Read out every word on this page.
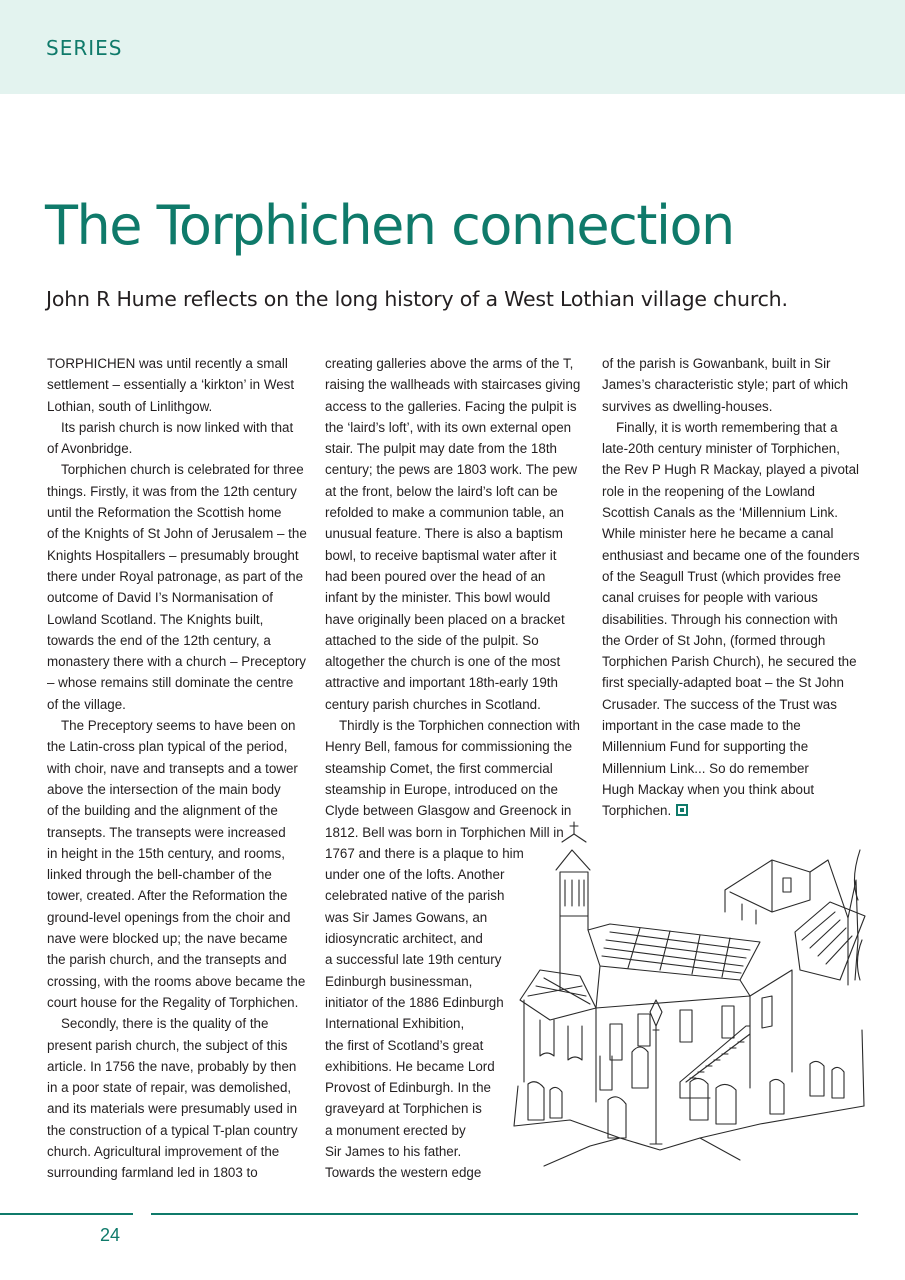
SERIES
The Torphichen connection

John R Hume reflects on the long history of a West Lothian village church.

TORPHICHEN was until recently a small
settlement – essentially a ‘kirkton’ in West
Lothian, south of Linlithgow.
Its parish church is now linked with that
of Avonbridge.
Torphichen church is celebrated for three
things. Firstly, it was from the 12th century
until the Reformation the Scottish home
of the Knights of St John of Jerusalem – the
Knights Hospitallers – presumably brought
there under Royal patronage, as part of the
outcome of David I’s Normanisation of
Lowland Scotland. The Knights built,
towards the end of the 12th century, a
monastery there with a church – Preceptory
– whose remains still dominate the centre
of the village.
The Preceptory seems to have been on
the Latin-cross plan typical of the period,
with choir, nave and transepts and a tower
above the intersection of the main body
of the building and the alignment of the
transepts. The transepts were increased
in height in the 15th century, and rooms,
linked through the bell-chamber of the
tower, created. After the Reformation the
ground-level openings from the choir and
nave were blocked up; the nave became
the parish church, and the transepts and
crossing, with the rooms above became the
court house for the Regality of Torphichen.
Secondly, there is the quality of the
present parish church, the subject of this
article. In 1756 the nave, probably by then
in a poor state of repair, was demolished,
and its materials were presumably used in
the construction of a typical T-plan country
church. Agricultural improvement of the
surrounding farmland led in 1803 to
creating galleries above the arms of the T,
raising the wallheads with staircases giving
access to the galleries. Facing the pulpit is
the ‘laird’s loft’, with its own external open
stair. The pulpit may date from the 18th
century; the pews are 1803 work. The pew
at the front, below the laird’s loft can be
refolded to make a communion table, an
unusual feature. There is also a baptism
bowl, to receive baptismal water after it
had been poured over the head of an
infant by the minister. This bowl would
have originally been placed on a bracket
attached to the side of the pulpit. So
altogether the church is one of the most
attractive and important 18th-early 19th
century parish churches in Scotland.
Thirdly is the Torphichen connection with
Henry Bell, famous for commissioning the
steamship Comet, the first commercial
steamship in Europe, introduced on the
Clyde between Glasgow and Greenock in
1812. Bell was born in Torphichen Mill in
1767 and there is a plaque to him
under one of the lofts. Another
celebrated native of the parish
was Sir James Gowans, an
idiosyncratic architect, and
a successful late 19th century
Edinburgh businessman,
initiator of the 1886 Edinburgh
International Exhibition,
the first of Scotland’s great
exhibitions. He became Lord
Provost of Edinburgh. In the
graveyard at Torphichen is
a monument erected by
Sir James to his father.
Towards the western edge
of the parish is Gowanbank, built in Sir
James’s characteristic style; part of which
survives as dwelling-houses.
Finally, it is worth remembering that a
late-20th century minister of Torphichen,
the Rev P Hugh R Mackay, played a pivotal
role in the reopening of the Lowland
Scottish Canals as the ‘Millennium Link.
While minister here he became a canal
enthusiast and became one of the founders
of the Seagull Trust (which provides free
canal cruises for people with various
disabilities. Through his connection with
the Order of St John, (formed through
Torphichen Parish Church), he secured the
first specially-adapted boat – the St John
Crusader. The success of the Trust was
important in the case made to the
Millennium Fund for supporting the
Millennium Link... So do remember
Hugh Mackay when you think about
Torphichen.
24
